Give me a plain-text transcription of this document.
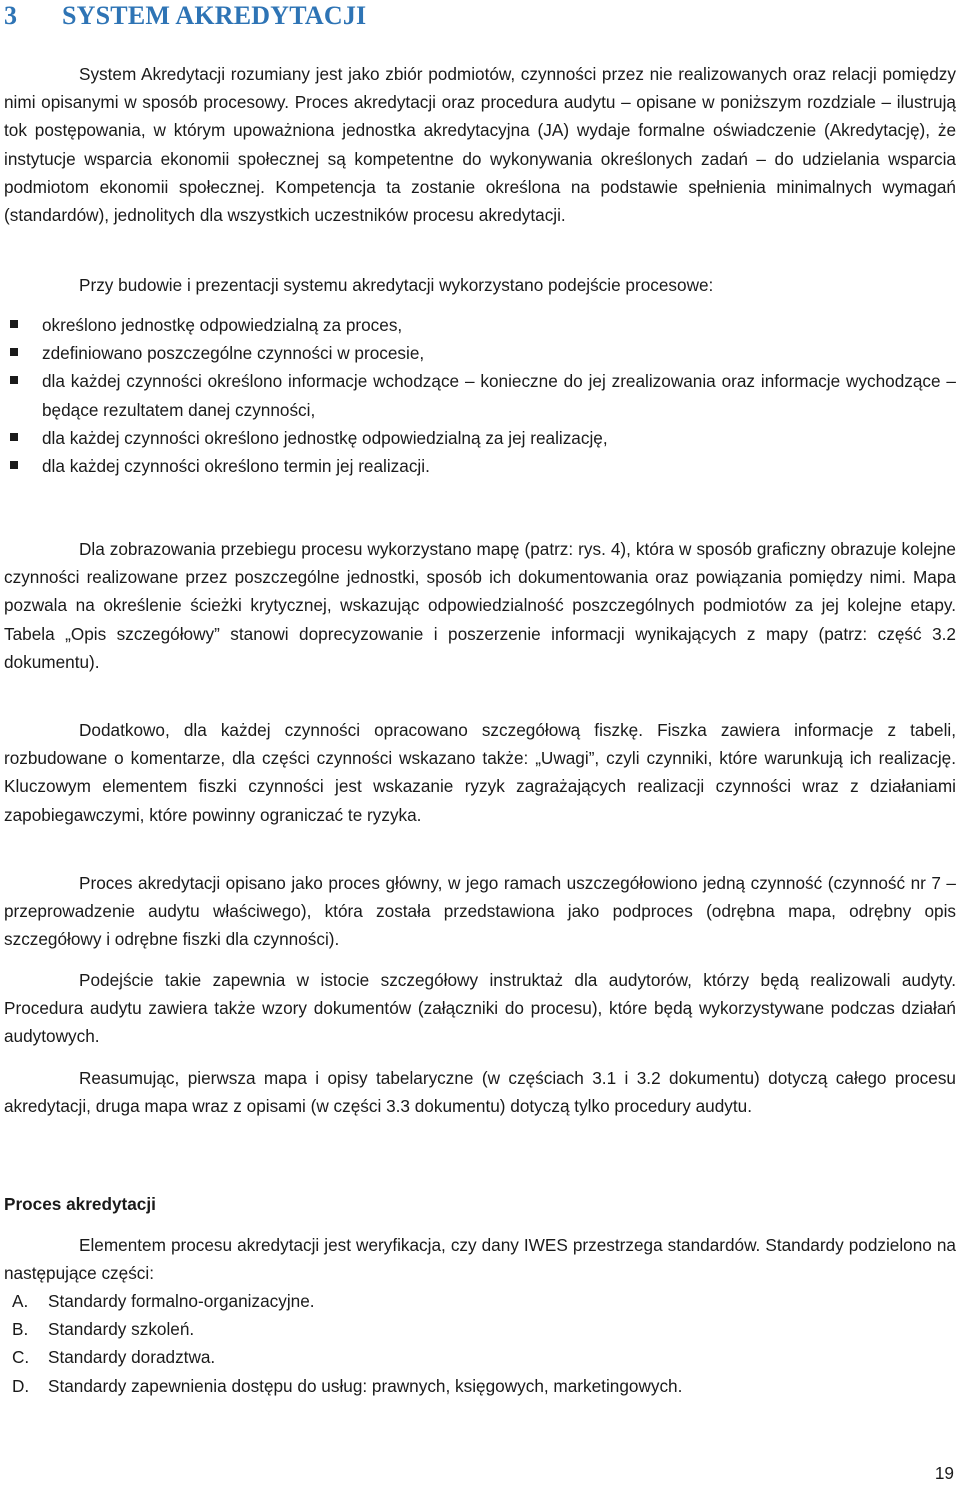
3 SYSTEM AKREDYTACJI

System Akredytacji rozumiany jest jako zbiór podmiotów, czynności przez nie realizowanych oraz relacji pomiędzy nimi opisanymi w sposób procesowy. Proces akredytacji oraz procedura audytu – opisane w poniższym rozdziale – ilustrują tok postępowania, w którym upoważniona jednostka akredytacyjna (JA) wydaje formalne oświadczenie (Akredytację), że instytucje wsparcia ekonomii społecznej są kompetentne do wykonywania określonych zadań – do udzielania wsparcia podmiotom ekonomii społecznej. Kompetencja ta zostanie określona na podstawie spełnienia minimalnych wymagań (standardów), jednolitych dla wszystkich uczestników procesu akredytacji.

Przy budowie i prezentacji systemu akredytacji wykorzystano podejście procesowe:

określono jednostkę odpowiedzialną za proces,
zdefiniowano poszczególne czynności w procesie,
dla każdej czynności określono informacje wchodzące – konieczne do jej zrealizowania oraz informacje wychodzące – będące rezultatem danej czynności,
dla każdej czynności określono jednostkę odpowiedzialną za jej realizację,
dla każdej czynności określono termin jej realizacji.

Dla zobrazowania przebiegu procesu wykorzystano mapę (patrz: rys. 4), która w sposób graficzny obrazuje kolejne czynności realizowane przez poszczególne jednostki, sposób ich dokumentowania oraz powiązania pomiędzy nimi. Mapa pozwala na określenie ścieżki krytycznej, wskazując odpowiedzialność poszczególnych podmiotów za jej kolejne etapy. Tabela „Opis szczegółowy” stanowi doprecyzowanie i poszerzenie informacji wynikających z mapy (patrz: część 3.2 dokumentu).

Dodatkowo, dla każdej czynności opracowano szczegółową fiszkę. Fiszka zawiera informacje z tabeli, rozbudowane o komentarze, dla części czynności wskazano także: „Uwagi”, czyli czynniki, które warunkują ich realizację. Kluczowym elementem fiszki czynności jest wskazanie ryzyk zagrażających realizacji czynności wraz z działaniami zapobiegawczymi, które powinny ograniczać te ryzyka.

Proces akredytacji opisano jako proces główny, w jego ramach uszczegółowiono jedną czynność (czynność nr 7 – przeprowadzenie audytu właściwego), która została przedstawiona jako podproces (odrębna mapa, odrębny opis szczegółowy i odrębne fiszki dla czynności).

Podejście takie zapewnia w istocie szczegółowy instruktaż dla audytorów, którzy będą realizowali audyty. Procedura audytu zawiera także wzory dokumentów (załączniki do procesu), które będą wykorzystywane podczas działań audytowych.

Reasumując, pierwsza mapa i opisy tabelaryczne (w częściach 3.1 i 3.2 dokumentu) dotyczą całego procesu akredytacji, druga mapa wraz z opisami (w części 3.3 dokumentu) dotyczą tylko procedury audytu.

Proces akredytacji

Elementem procesu akredytacji jest weryfikacja, czy dany IWES przestrzega standardów. Standardy podzielono na następujące części:

A. Standardy formalno-organizacyjne.
B. Standardy szkoleń.
C. Standardy doradztwa.
D. Standardy zapewnienia dostępu do usług: prawnych, księgowych, marketingowych.
19
